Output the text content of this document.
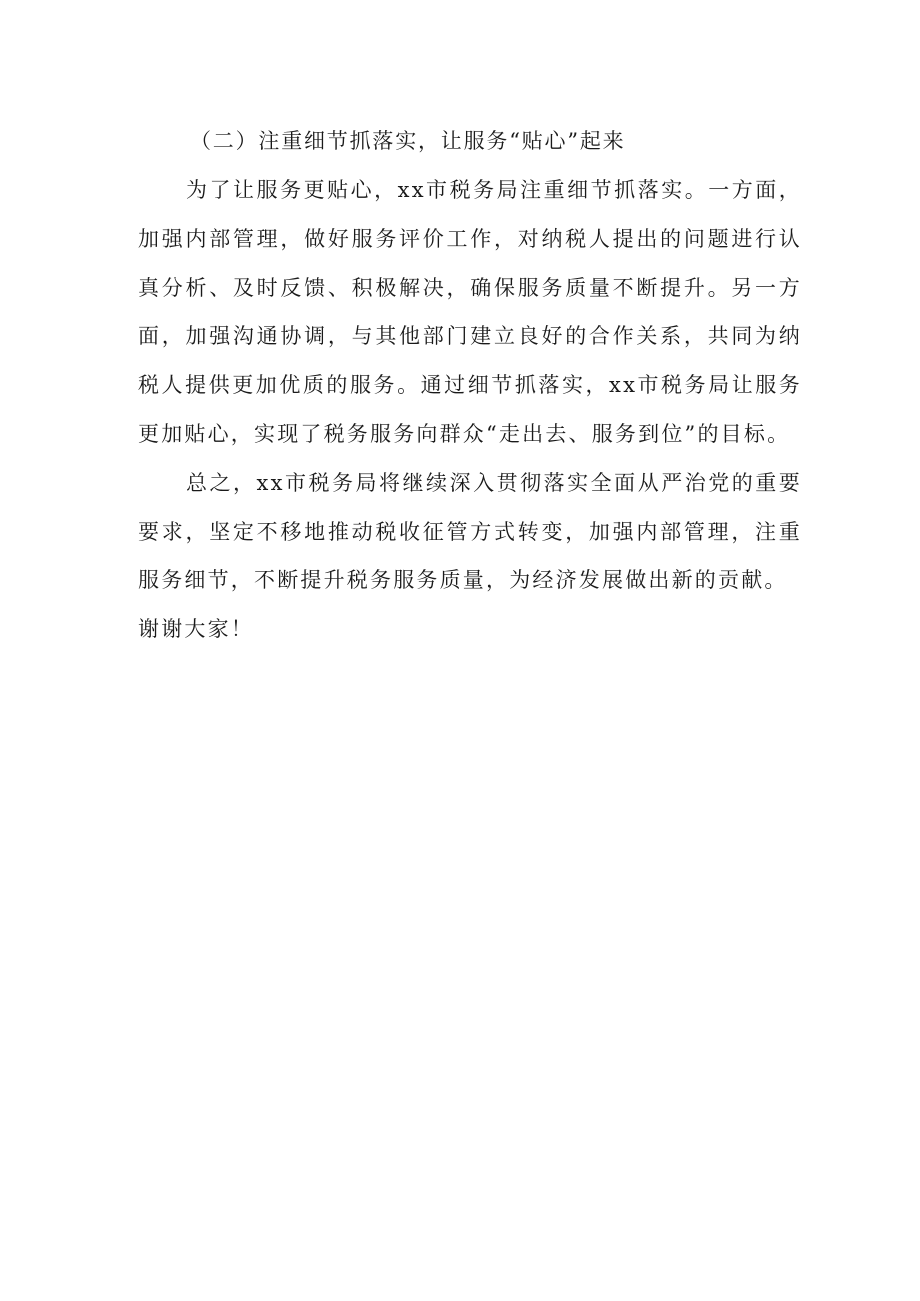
（二）注重细节抓落实，让服务“贴心”起来

为了让服务更贴心，xx市税务局注重细节抓落实。一方面，加强内部管理，做好服务评价工作，对纳税人提出的问题进行认真分析、及时反馈、积极解决，确保服务质量不断提升。另一方面，加强沟通协调，与其他部门建立良好的合作关系，共同为纳税人提供更加优质的服务。通过细节抓落实，xx市税务局让服务更加贴心，实现了税务服务向群众“走出去、服务到位”的目标。

总之，xx市税务局将继续深入贯彻落实全面从严治党的重要要求，坚定不移地推动税收征管方式转变，加强内部管理，注重服务细节，不断提升税务服务质量，为经济发展做出新的贡献。

谢谢大家！
